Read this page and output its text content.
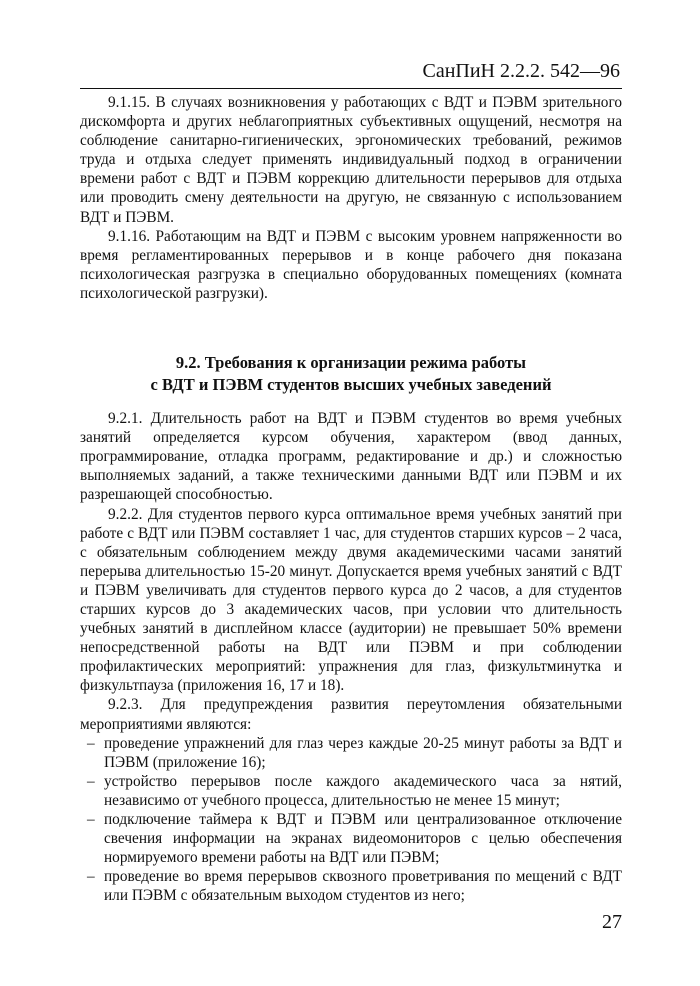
СанПиН 2.2.2. 542—96

9.1.15. В случаях возникновения у работающих с ВДТ и ПЭВМ зрительного дискомфорта и других неблагоприятных субъективных ощущений, несмотря на соблюдение санитарно-гигиенических, эргономических требований, режимов труда и отдыха следует применять индивидуальный подход в ограничении времени работ с ВДТ и ПЭВМ коррекцию длительности перерывов для отдыха или проводить смену деятельности на другую, не связанную с использованием ВДТ и ПЭВМ.

9.1.16. Работающим на ВДТ и ПЭВМ с высоким уровнем напряженности во время регламентированных перерывов и в конце рабочего дня показана психологическая разгрузка в специально оборудованных помещениях (комната психологической разгрузки).

9.2. Требования к организации режима работы
с ВДТ и ПЭВМ студентов высших учебных заведений

9.2.1. Длительность работ на ВДТ и ПЭВМ студентов во время учебных занятий определяется курсом обучения, характером (ввод данных, программирование, отладка программ, редактирование и др.) и сложностью выполняемых заданий, а также техническими данными ВДТ или ПЭВМ и их разрешающей способностью.

9.2.2. Для студентов первого курса оптимальное время учебных занятий при работе с ВДТ или ПЭВМ составляет 1 час, для студентов старших курсов – 2 часа, с обязательным соблюдением между двумя академическими часами занятий перерыва длительностью 15-20 минут. Допускается время учебных занятий с ВДТ и ПЭВМ увеличивать для студентов первого курса до 2 часов, а для студентов старших курсов до 3 академических часов, при условии что длительность учебных занятий в дисплейном классе (аудитории) не превышает 50% времени непосредственной работы на ВДТ или ПЭВМ и при соблюдении профилактических мероприятий: упражнения для глаз, физкультминутка и физкультпауза (приложения 16, 17 и 18).

9.2.3. Для предупреждения развития переутомления обязательными мероприятиями являются:

– проведение упражнений для глаз через каждые 20-25 минут работы за ВДТ и ПЭВМ (приложение 16);
– устройство перерывов после каждого академического часа за нятий, независимо от учебного процесса, длительностью не менее 15 минут;
– подключение таймера к ВДТ и ПЭВМ или централизованное отключение свечения информации на экранах видеомониторов с целью обеспечения нормируемого времени работы на ВДТ или ПЭВМ;
– проведение во время перерывов сквозного проветривания по мещений с ВДТ или ПЭВМ с обязательным выходом студентов из него;
27
